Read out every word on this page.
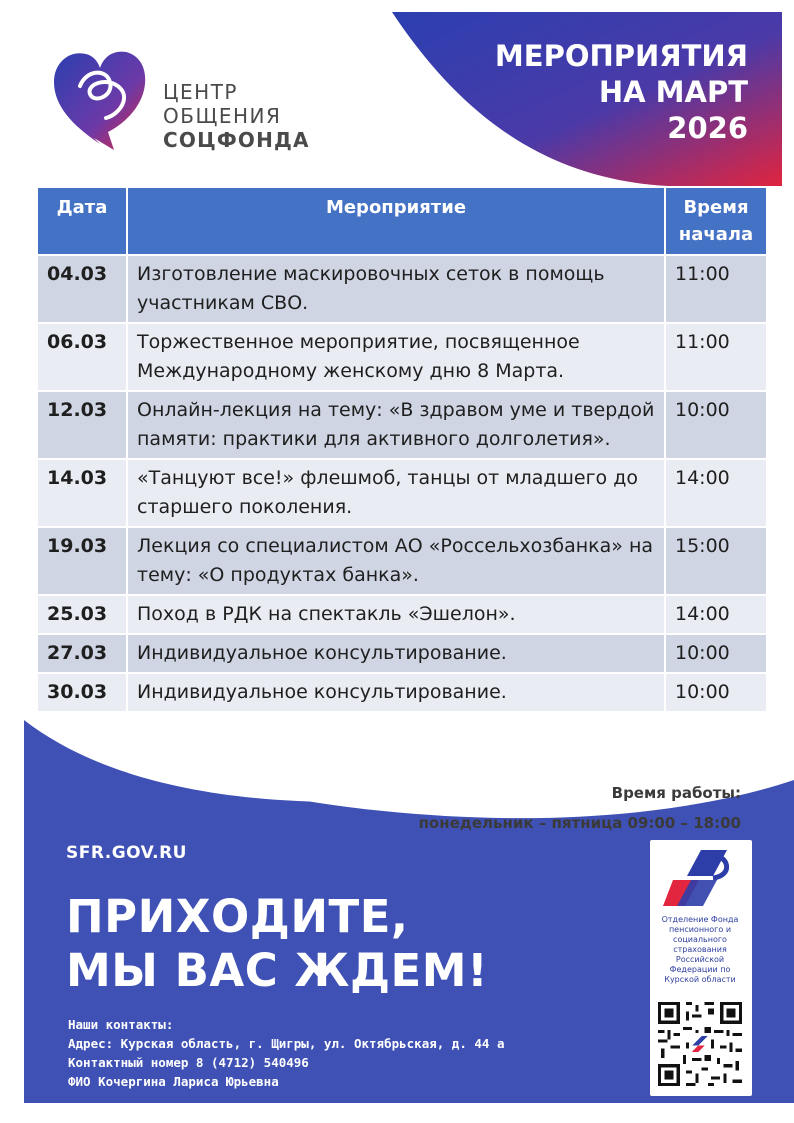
МЕРОПРИЯТИЯ
НА МАРТ
2026
ЦЕНТР
ОБЩЕНИЯ
СОЦФОНДА
Дата	Мероприятие	Время начала
04.03	Изготовление маскировочных сеток в помощь участникам СВО.	11:00
06.03	Торжественное мероприятие, посвященное Международному женскому дню 8 Марта.	11:00
12.03	Онлайн-лекция на тему: «В здравом уме и твердой памяти: практики для активного долголетия».	10:00
14.03	«Танцуют все!» флешмоб, танцы от младшего до старшего поколения.	14:00
19.03	Лекция со специалистом АО «Россельхозбанка» на тему: «О продуктах банка».	15:00
25.03	Поход в РДК на спектакль «Эшелон».	14:00
27.03	Индивидуальное консультирование.	10:00
30.03	Индивидуальное консультирование.	10:00
Время работы:
понедельник – пятница 09:00 – 18:00
SFR.GOV.RU
ПРИХОДИТЕ,
МЫ ВАС ЖДЕМ!
Наши контакты:
Адрес: Курская область, г. Щигры, ул. Октябрьская, д. 44 а
Контактный номер 8 (4712) 540496
ФИО Кочергина Лариса Юрьевна
Отделение Фонда
пенсионного и
социального
страхования
Российской
Федерации по
Курской области
